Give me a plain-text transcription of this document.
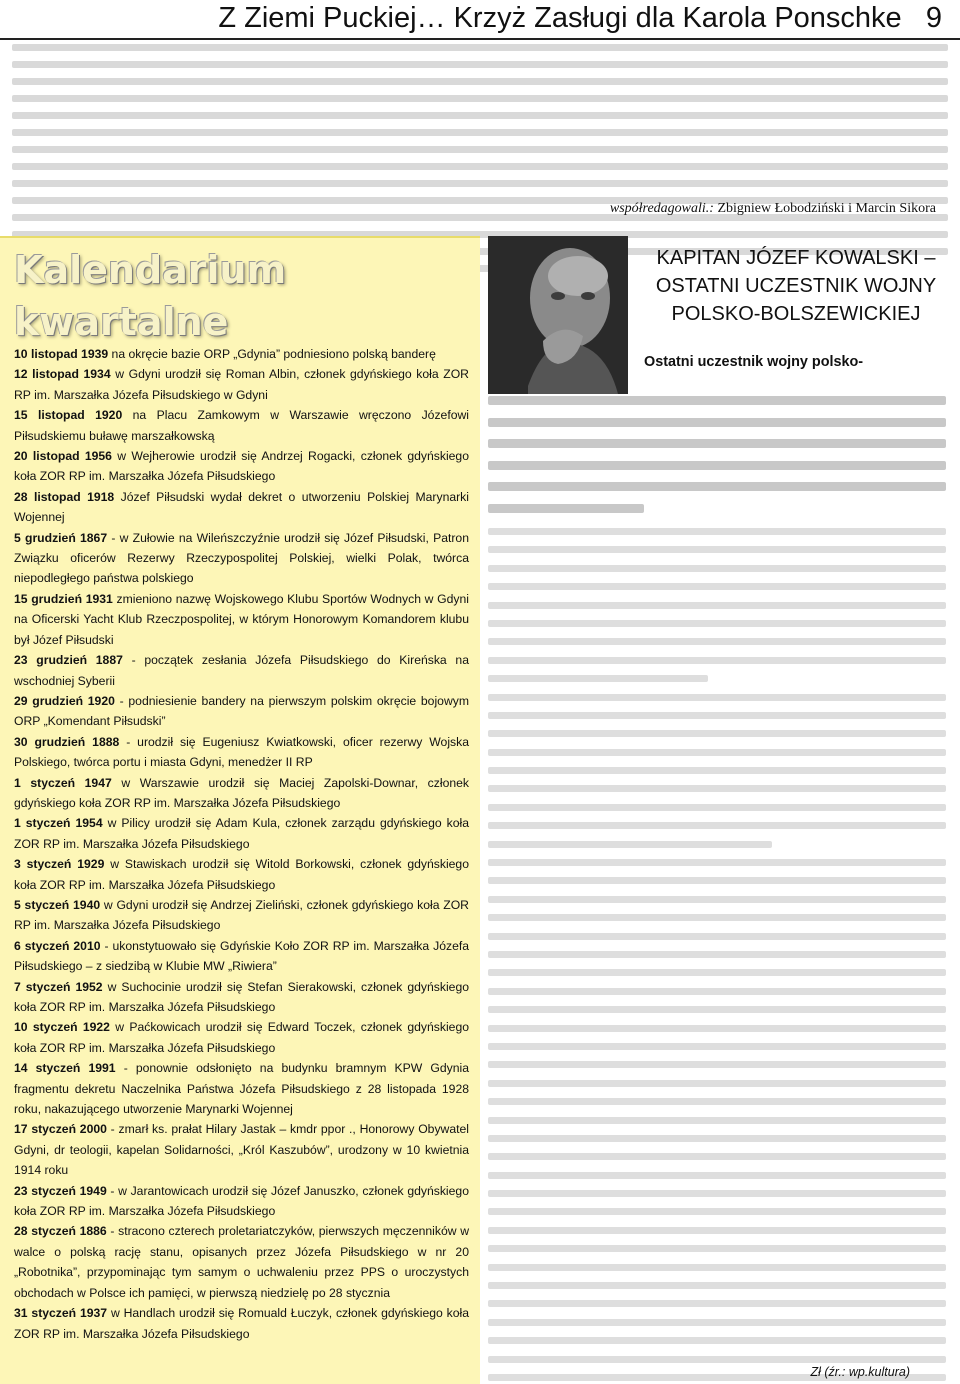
Z Ziemi Puckiej… Krzyż Zasługi dla Karola Ponschke 9
współredagowali.: Zbigniew Łobodziński i Marcin Sikora
Kalendarium
kwartalne
10 listopad 1939 na okręcie bazie ORP „Gdynia” podniesiono polską banderę
12 listopad 1934 w Gdyni urodził się Roman Albin, członek gdyńskiego koła ZOR RP im. Marszałka Józefa Piłsudskiego w Gdyni
15 listopad 1920 na Placu Zamkowym w Warszawie wręczono Józefowi Piłsudskiemu buławę marszałkowską
20 listopad 1956 w Wejherowie urodził się Andrzej Rogacki, członek gdyńskiego koła ZOR RP im. Marszałka Józefa Piłsudskiego
28 listopad 1918 Józef Piłsudski wydał dekret o utworzeniu Polskiej Marynarki Wojennej
5 grudzień 1867 - w Zułowie na Wileńszczyźnie urodził się Józef Piłsudski, Patron Związku oficerów Rezerwy Rzeczypospolitej Polskiej, wielki Polak, twórca niepodległego państwa polskiego
15 grudzień 1931 zmieniono nazwę Wojskowego Klubu Sportów Wodnych w Gdyni na Oficerski Yacht Klub Rzeczpospolitej, w którym Honorowym Komandorem klubu był Józef Piłsudski
23 grudzień 1887 - początek zesłania Józefa Piłsudskiego do Kireńska na wschodniej Syberii
29 grudzień 1920 - podniesienie bandery na pierwszym polskim okręcie bojowym ORP „Komendant Piłsudski”
30 grudzień 1888 - urodził się Eugeniusz Kwiatkowski, oficer rezerwy Wojska Polskiego, twórca portu i miasta Gdyni, menedżer II RP
1 styczeń 1947 w Warszawie urodził się Maciej Zapolski-Downar, członek gdyńskiego koła ZOR RP im. Marszałka Józefa Piłsudskiego
1 styczeń 1954 w Pilicy urodził się Adam Kula, członek zarządu gdyńskiego koła ZOR RP im. Marszałka Józefa Piłsudskiego
3 styczeń 1929 w Stawiskach urodził się Witold Borkowski, członek gdyńskiego koła ZOR RP im. Marszałka Józefa Piłsudskiego
5 styczeń 1940 w Gdyni urodził się Andrzej Zieliński, członek gdyńskiego koła ZOR RP im. Marszałka Józefa Piłsudskiego
6 styczeń 2010 - ukonstytuowało się Gdyńskie Koło ZOR RP im. Marszałka Józefa Piłsudskiego – z siedzibą w Klubie MW „Riwiera”
7 styczeń 1952 w Suchocinie urodził się Stefan Sierakowski, członek gdyńskiego koła ZOR RP im. Marszałka Józefa Piłsudskiego
10 styczeń 1922 w Paćkowicach urodził się Edward Toczek, członek gdyńskiego koła ZOR RP im. Marszałka Józefa Piłsudskiego
14 styczeń 1991 - ponownie odsłonięto na budynku bramnym KPW Gdynia fragmentu dekretu Naczelnika Państwa Józefa Piłsudskiego z 28 listopada 1928 roku, nakazującego utworzenie Marynarki Wojennej
17 styczeń 2000 - zmarł ks. prałat Hilary Jastak – kmdr ppor ., Honorowy Obywatel Gdyni, dr teologii, kapelan Solidarności, „Król Kaszubów”, urodzony w 10 kwietnia 1914 roku
23 styczeń 1949 - w Jarantowicach urodził się Józef Januszko, członek gdyńskiego koła ZOR RP im. Marszałka Józefa Piłsudskiego
28 styczeń 1886 - stracono czterech proletariatczyków, pierwszych męczenników w walce o polską rację stanu, opisanych przez Józefa Piłsudskiego w nr 20 „Robotnika”, przypominając tym samym o uchwaleniu przez PPS o uroczystych obchodach w Polsce ich pamięci, w pierwszą niedzielę po 28 stycznia
31 styczeń 1937 w Handlach urodził się Romuald Łuczyk, członek gdyńskiego koła ZOR RP im. Marszałka Józefa Piłsudskiego
KAPITAN JÓZEF KOWALSKI –
OSTATNI UCZESTNIK WOJNY
POLSKO-BOLSZEWICKIEJ
Ostatni uczestnik wojny polsko-
Zł (źr.: wp.kultura)
